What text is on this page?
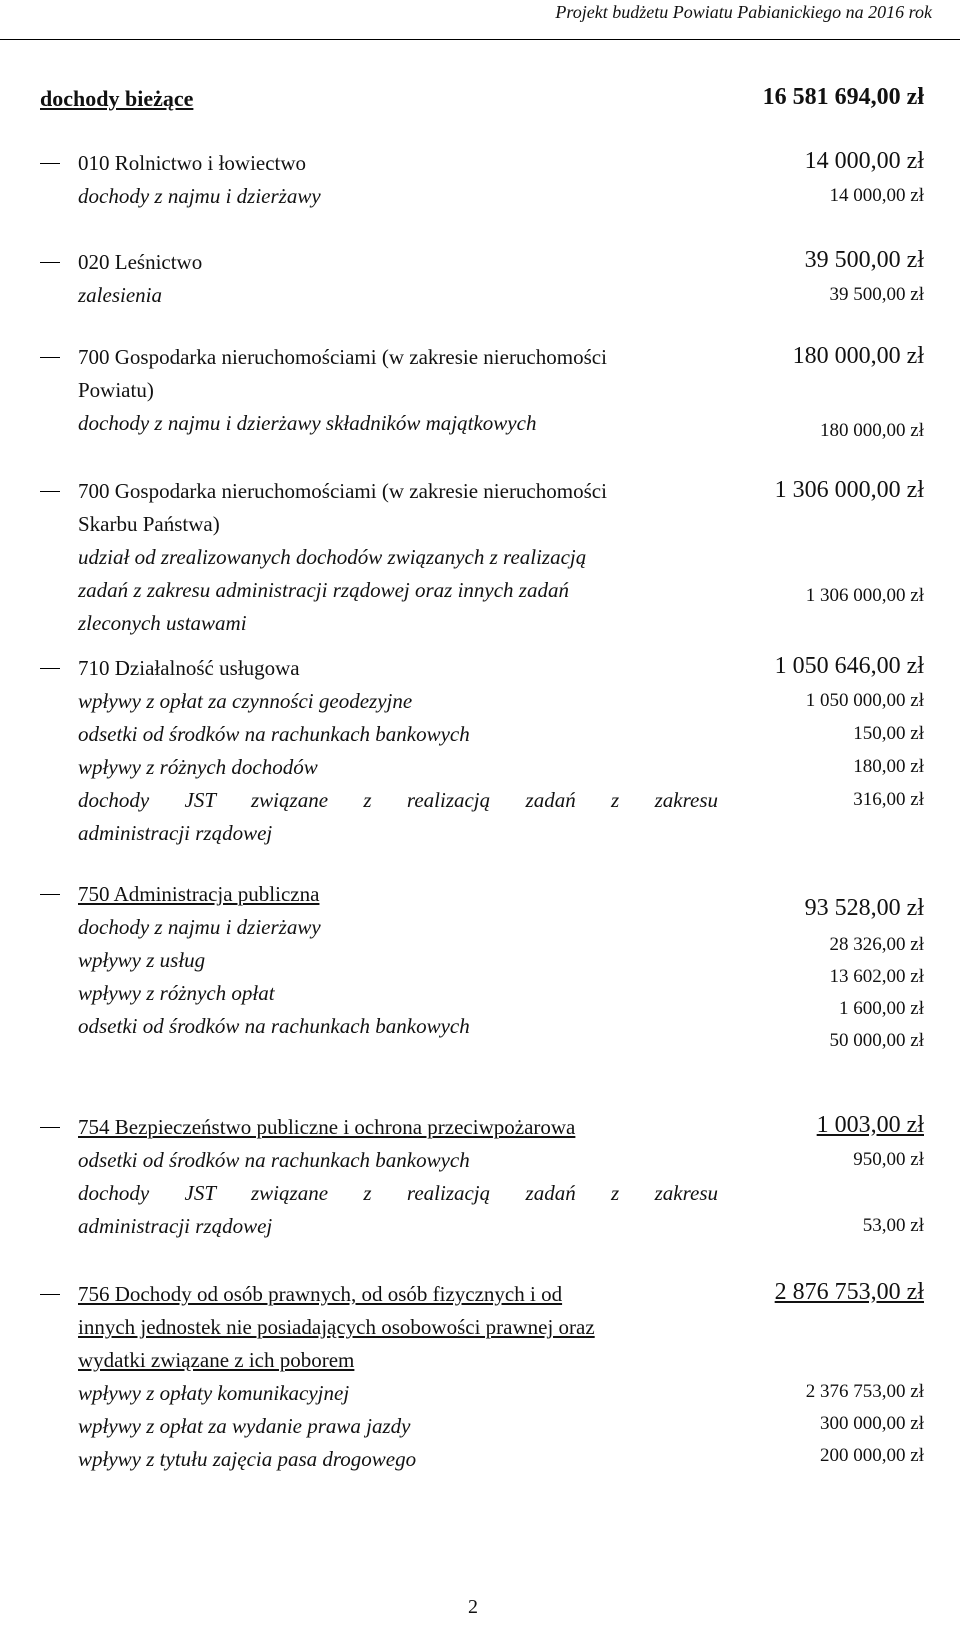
Projekt budżetu Powiatu Pabianickiego na 2016 rok
dochody bieżące	16 581 694,00 zł
010 Rolnictwo i łowiectwo
dochody z najmu i dzierżawy
14 000,00 zł
14 000,00 zł
020 Leśnictwo
zalesienia
39 500,00 zł
39 500,00 zł
700 Gospodarka nieruchomościami (w zakresie nieruchomości
Powiatu)
dochody z najmu i dzierżawy składników majątkowych
180 000,00 zł
180 000,00 zł
700 Gospodarka nieruchomościami (w zakresie nieruchomości
Skarbu Państwa)
udział od zrealizowanych dochodów związanych z realizacją
zadań z zakresu administracji rządowej oraz innych zadań
zleconych ustawami
1 306 000,00 zł
1 306 000,00 zł
710 Działalność usługowa
wpływy z opłat za czynności geodezyjne
odsetki od środków na rachunkach bankowych
wpływy z różnych dochodów
dochody JST związane z realizacją zadań z zakresu
administracji rządowej
1 050 646,00 zł
1 050 000,00 zł
150,00 zł
180,00 zł
316,00 zł
750 Administracja publiczna
dochody z najmu i dzierżawy
wpływy z usług
wpływy z różnych opłat
odsetki od środków na rachunkach bankowych
93 528,00 zł
28 326,00 zł
13 602,00 zł
1 600,00 zł
50 000,00 zł
754 Bezpieczeństwo publiczne i ochrona przeciwpożarowa
odsetki od środków na rachunkach bankowych
dochody JST związane z realizacją zadań z zakresu
administracji rządowej
1 003,00 zł
950,00 zł
53,00 zł
756 Dochody od osób prawnych, od osób fizycznych i od
innych jednostek nie posiadających osobowości prawnej oraz
wydatki związane z ich poborem
wpływy z opłaty komunikacyjnej
wpływy z opłat za wydanie prawa jazdy
wpływy z tytułu zajęcia pasa drogowego
2 876 753,00 zł
2 376 753,00 zł
300 000,00 zł
200 000,00 zł
2
